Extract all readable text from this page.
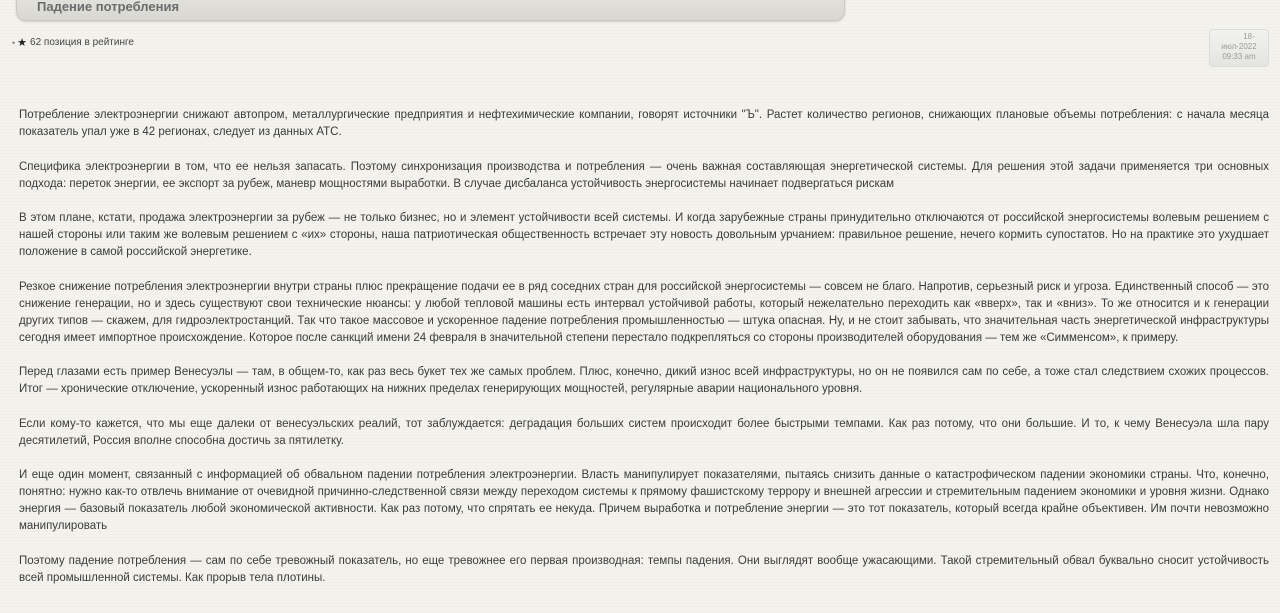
Падение потребления
• ★ 62 позиция в рейтинге
18-
июл-2022
09:33 am

Потребление электроэнергии снижают автопром, металлургические предприятия и нефтехимические компании, говорят источники "Ъ". Растет количество регионов, снижающих плановые объемы потребления: с начала месяца показатель упал уже в 42 регионах, следует из данных АТС.

Специфика электроэнергии в том, что ее нельзя запасать. Поэтому синхронизация производства и потребления — очень важная составляющая энергетической системы. Для решения этой задачи применяется три основных подхода: переток энергии, ее экспорт за рубеж, маневр мощностями выработки. В случае дисбаланса устойчивость энергосистемы начинает подвергаться рискам

В этом плане, кстати, продажа электроэнергии за рубеж — не только бизнес, но и элемент устойчивости всей системы. И когда зарубежные страны принудительно отключаются от российской энергосистемы волевым решением с нашей стороны или таким же волевым решением с «их» стороны, наша патриотическая общественность встречает эту новость довольным урчанием: правильное решение, нечего кормить супостатов. Но на практике это ухудшает положение в самой российской энергетике.

Резкое снижение потребления электроэнергии внутри страны плюс прекращение подачи ее в ряд соседних стран для российской энергосистемы — совсем не благо. Напротив, серьезный риск и угроза. Единственный способ — это снижение генерации, но и здесь существуют свои технические нюансы: у любой тепловой машины есть интервал устойчивой работы, который нежелательно переходить как «вверх», так и «вниз». То же относится и к генерации других типов — скажем, для гидроэлектростанций. Так что такое массовое и ускоренное падение потребления промышленностью — штука опасная. Ну, и не стоит забывать, что значительная часть энергетической инфраструктуры сегодня имеет импортное происхождение. Которое после санкций имени 24 февраля в значительной степени перестало подкрепляться со стороны производителей оборудования — тем же «Симменсом», к примеру.

Перед глазами есть пример Венесуэлы — там, в общем-то, как раз весь букет тех же самых проблем. Плюс, конечно, дикий износ всей инфраструктуры, но он не появился сам по себе, а тоже стал следствием схожих процессов. Итог — хронические отключение, ускоренный износ работающих на нижних пределах генерирующих мощностей, регулярные аварии национального уровня.

Если кому-то кажется, что мы еще далеки от венесуэльских реалий, тот заблуждается: деградация больших систем происходит более быстрыми темпами. Как раз потому, что они большие. И то, к чему Венесуэла шла пару десятилетий, Россия вполне способна достичь за пятилетку.

И еще один момент, связанный с информацией об обвальном падении потребления электроэнергии. Власть манипулирует показателями, пытаясь снизить данные о катастрофическом падении экономики страны. Что, конечно, понятно: нужно как-то отвлечь внимание от очевидной причинно-следственной связи между переходом системы к прямому фашистскому террору и внешней агрессии и стремительным падением экономики и уровня жизни. Однако энергия — базовый показатель любой экономической активности. Как раз потому, что спрятать ее некуда. Причем выработка и потребление энергии — это тот показатель, который всегда крайне объективен. Им почти невозможно манипулировать

Поэтому падение потребления — сам по себе тревожный показатель, но еще тревожнее его первая производная: темпы падения. Они выглядят вообще ужасающими. Такой стремительный обвал буквально сносит устойчивость всей промышленной системы. Как прорыв тела плотины.
